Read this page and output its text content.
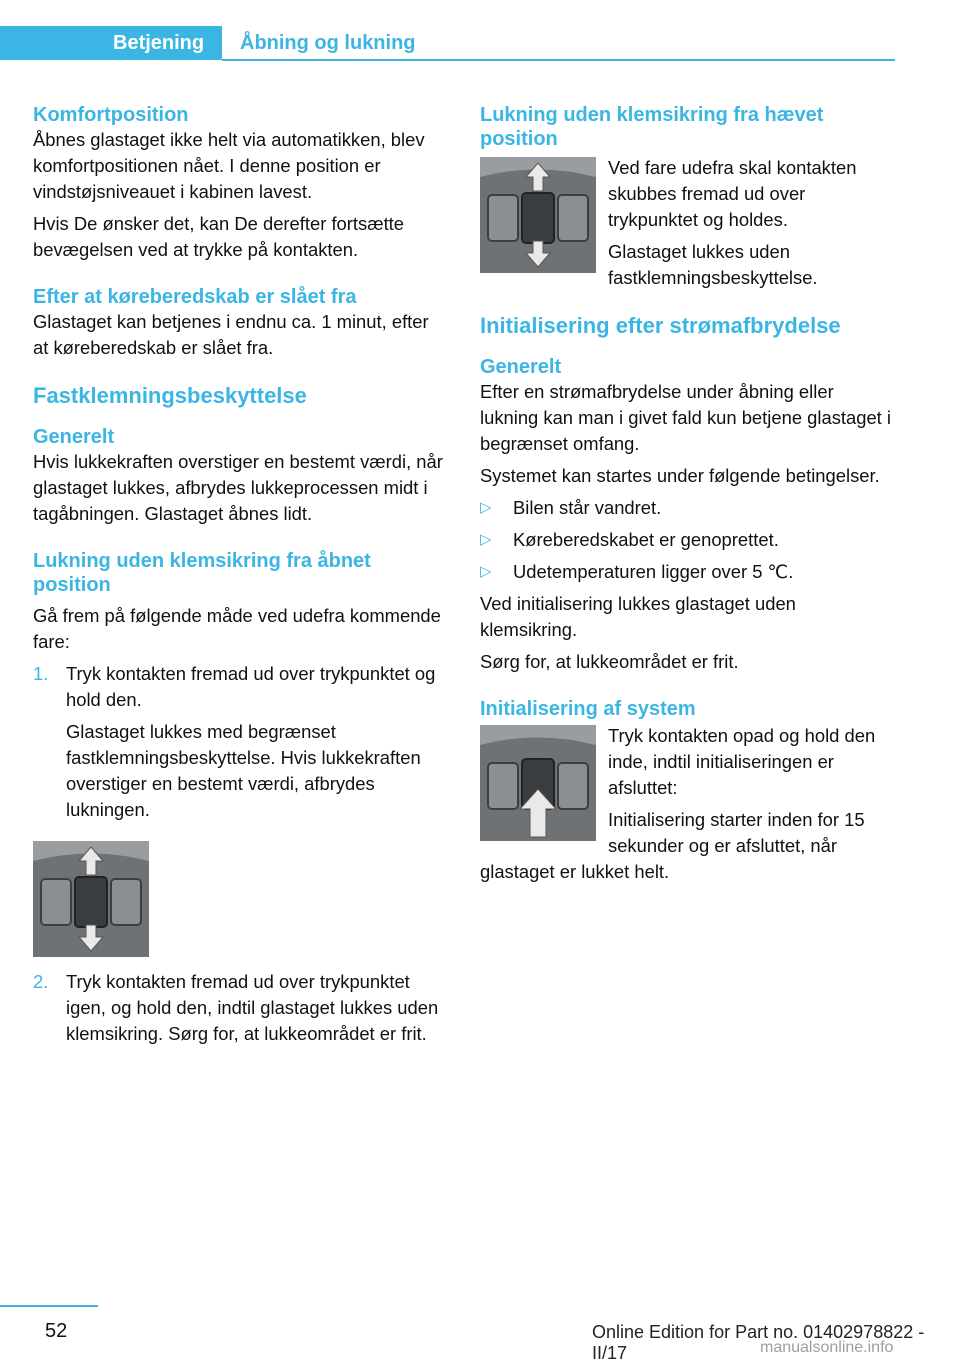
Betjening	Åbning og lukning
Komfortposition

Åbnes glastaget ikke helt via automatikken, blev komfortpositionen nået. I denne position er vindstøjsniveauet i kabinen lavest.

Hvis De ønsker det, kan De derefter fortsætte bevægelsen ved at trykke på kontakten.

Efter at køreberedskab er slået fra

Glastaget kan betjenes i endnu ca. 1 minut, efter at køreberedskab er slået fra.

Fastklemningsbeskyttelse
Generelt

Hvis lukkekraften overstiger en bestemt værdi, når glastaget lukkes, afbrydes lukkeprocessen midt i tagåbningen. Glastaget åbnes lidt.

Lukning uden klemsikring fra åbnet position

Gå frem på følgende måde ved udefra kommende fare:

1. Tryk kontakten fremad ud over trykpunktet og hold den.
Glastaget lukkes med begrænset fastklemningsbeskyttelse. Hvis lukkekraften overstiger en bestemt værdi, afbrydes lukningen.
2. Tryk kontakten fremad ud over trykpunktet igen, og hold den, indtil glastaget lukkes uden klemsikring. Sørg for, at lukkeområdet er frit.
Lukning uden klemsikring fra hævet position

Ved fare udefra skal kontakten skubbes fremad ud over trykpunktet og holdes.

Glastaget lukkes uden fastklemningsbeskyttelse.

Initialisering efter strømafbrydelse
Generelt

Efter en strømafbrydelse under åbning eller lukning kan man i givet fald kun betjene glastaget i begrænset omfang.

Systemet kan startes under følgende betingelser.

▷ Bilen står vandret.
▷ Køreberedskabet er genoprettet.
▷ Udetemperaturen ligger over 5 ℃.

Ved initialisering lukkes glastaget uden klemsikring.

Sørg for, at lukkeområdet er frit.

Initialisering af system

Tryk kontakten opad og hold den inde, indtil initialiseringen er afsluttet:

Initialisering starter inden for 15 sekunder og er afsluttet, når glastaget er lukket helt.

52	Online Edition for Part no. 01402978822 - II/17	manualsonline.info
